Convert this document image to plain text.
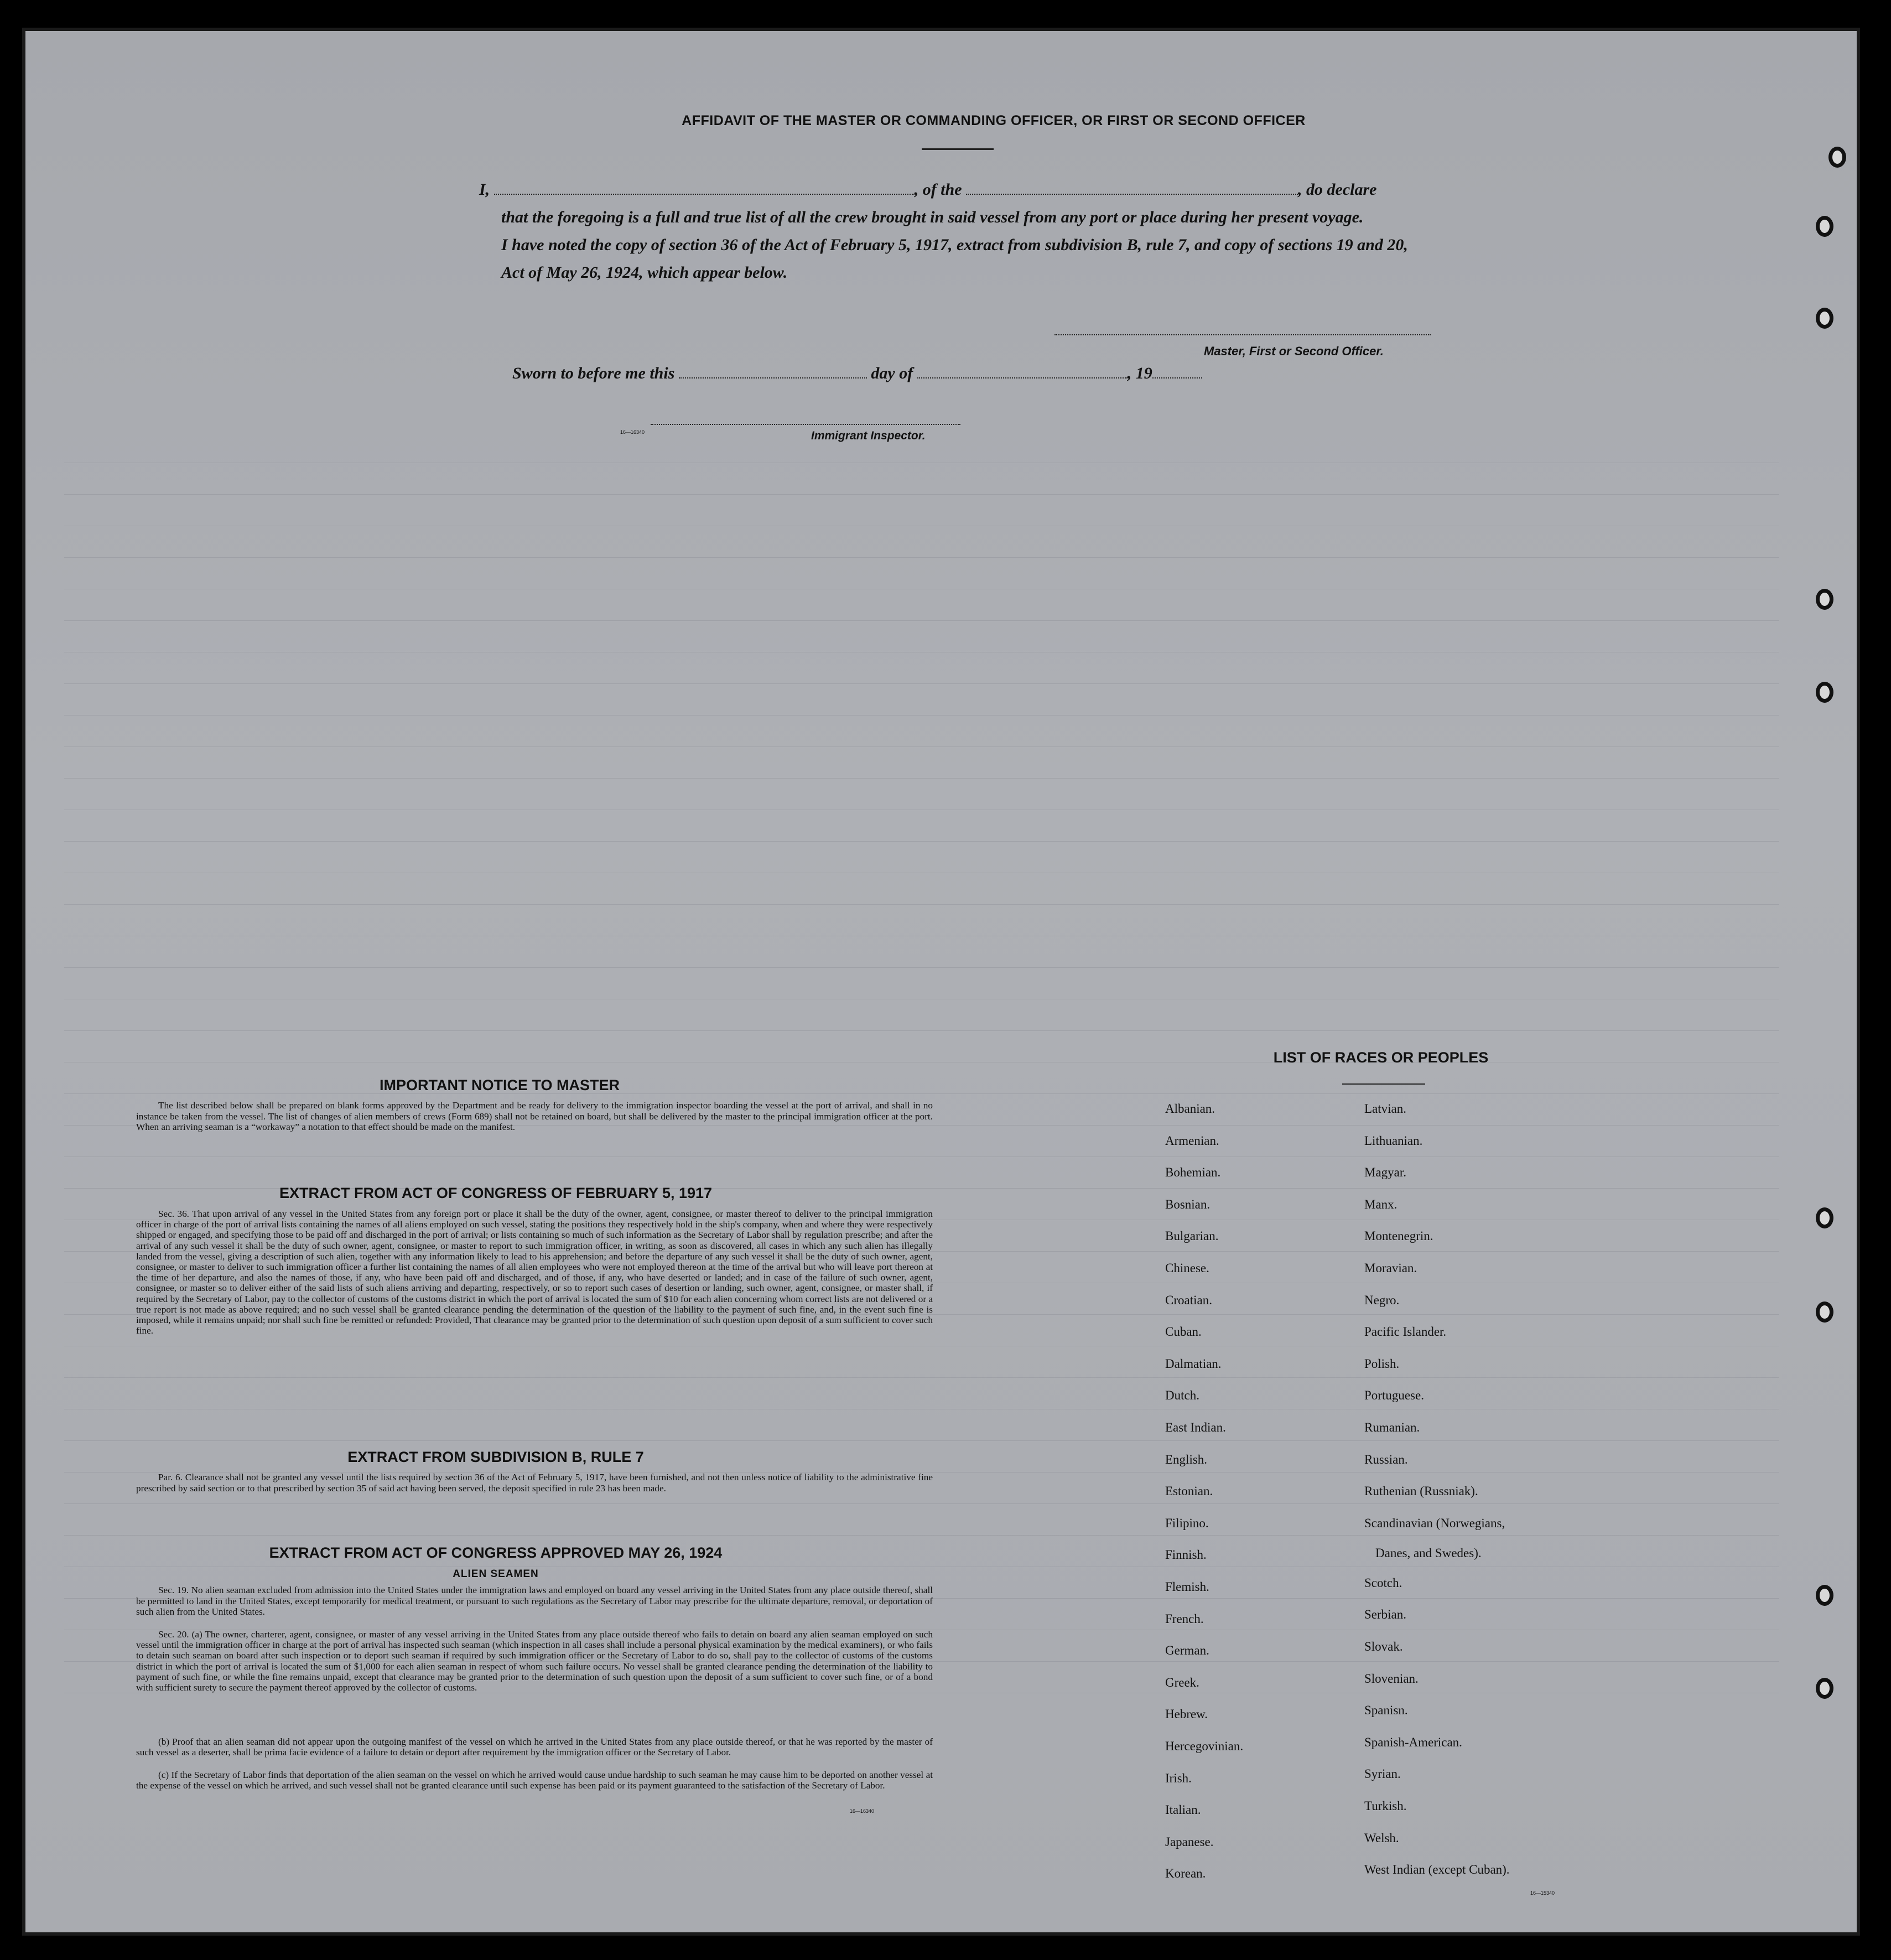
AFFIDAVIT OF THE MASTER OR COMMANDING OFFICER, OR FIRST OR SECOND OFFICER
I,	, of the	, do declare
that the foregoing is a full and true list of all the crew brought in said vessel from any port or place during her present voyage.
I have noted the copy of section 36 of the Act of February 5, 1917, extract from subdivision B, rule 7, and copy of sections 19 and 20,
Act of May 26, 1924, which appear below.
Master, First or Second Officer.
Sworn to before me this	day of	, 19
16—16340	Immigrant Inspector.
IMPORTANT NOTICE TO MASTER

The list described below shall be prepared on blank forms approved by the Department and be ready for delivery to the immigration inspector boarding the vessel at the port of arrival, and shall in no instance be taken from the vessel. The list of changes of alien members of crews (Form 689) shall not be retained on board, but shall be delivered by the master to the principal immigration officer at the port. When an arriving seaman is a “workaway” a notation to that effect should be made on the manifest.

EXTRACT FROM ACT OF CONGRESS OF FEBRUARY 5, 1917

Sec. 36. That upon arrival of any vessel in the United States from any foreign port or place it shall be the duty of the owner, agent, consignee, or master thereof to deliver to the principal immigration officer in charge of the port of arrival lists containing the names of all aliens employed on such vessel, stating the positions they respectively hold in the ship's company, when and where they were respectively shipped or engaged, and specifying those to be paid off and discharged in the port of arrival; or lists containing so much of such information as the Secretary of Labor shall by regulation prescribe; and after the arrival of any such vessel it shall be the duty of such owner, agent, consignee, or master to report to such immigration officer, in writing, as soon as discovered, all cases in which any such alien has illegally landed from the vessel, giving a description of such alien, together with any information likely to lead to his apprehension; and before the departure of any such vessel it shall be the duty of such owner, agent, consignee, or master to deliver to such immigration officer a further list containing the names of all alien employees who were not employed thereon at the time of the arrival but who will leave port thereon at the time of her departure, and also the names of those, if any, who have been paid off and discharged, and of those, if any, who have deserted or landed; and in case of the failure of such owner, agent, consignee, or master so to deliver either of the said lists of such aliens arriving and departing, respectively, or so to report such cases of desertion or landing, such owner, agent, consignee, or master shall, if required by the Secretary of Labor, pay to the collector of customs of the customs district in which the port of arrival is located the sum of $10 for each alien concerning whom correct lists are not delivered or a true report is not made as above required; and no such vessel shall be granted clearance pending the determination of the question of the liability to the payment of such fine, and, in the event such fine is imposed, while it remains unpaid; nor shall such fine be remitted or refunded: Provided, That clearance may be granted prior to the determination of such question upon deposit of a sum sufficient to cover such fine.

EXTRACT FROM SUBDIVISION B, RULE 7

Par. 6. Clearance shall not be granted any vessel until the lists required by section 36 of the Act of February 5, 1917, have been furnished, and not then unless notice of liability to the administrative fine prescribed by said section or to that prescribed by section 35 of said act having been served, the deposit specified in rule 23 has been made.

EXTRACT FROM ACT OF CONGRESS APPROVED MAY 26, 1924
ALIEN SEAMEN

Sec. 19. No alien seaman excluded from admission into the United States under the immigration laws and employed on board any vessel arriving in the United States from any place outside thereof, shall be permitted to land in the United States, except temporarily for medical treatment, or pursuant to such regulations as the Secretary of Labor may prescribe for the ultimate departure, removal, or deportation of such alien from the United States.

Sec. 20. (a) The owner, charterer, agent, consignee, or master of any vessel arriving in the United States from any place outside thereof who fails to detain on board any alien seaman employed on such vessel until the immigration officer in charge at the port of arrival has inspected such seaman (which inspection in all cases shall include a personal physical examination by the medical examiners), or who fails to detain such seaman on board after such inspection or to deport such seaman if required by such immigration officer or the Secretary of Labor to do so, shall pay to the collector of customs of the customs district in which the port of arrival is located the sum of $1,000 for each alien seaman in respect of whom such failure occurs. No vessel shall be granted clearance pending the determination of the liability to payment of such fine, or while the fine remains unpaid, except that clearance may be granted prior to the determination of such question upon the deposit of a sum sufficient to cover such fine, or of a bond with sufficient surety to secure the payment thereof approved by the collector of customs.

(b) Proof that an alien seaman did not appear upon the outgoing manifest of the vessel on which he arrived in the United States from any place outside thereof, or that he was reported by the master of such vessel as a deserter, shall be prima facie evidence of a failure to detain or deport after requirement by the immigration officer or the Secretary of Labor.

(c) If the Secretary of Labor finds that deportation of the alien seaman on the vessel on which he arrived would cause undue hardship to such seaman he may cause him to be deported on another vessel at the expense of the vessel on which he arrived, and such vessel shall not be granted clearance until such expense has been paid or its payment guaranteed to the satisfaction of the Secretary of Labor.

16—16340
LIST OF RACES OR PEOPLES
Albanian.
Armenian.
Bohemian.
Bosnian.
Bulgarian.
Chinese.
Croatian.
Cuban.
Dalmatian.
Dutch.
East Indian.
English.
Estonian.
Filipino.
Finnish.
Flemish.
French.
German.
Greek.
Hebrew.
Hercegovinian.
Irish.
Italian.
Japanese.
Korean.
Latvian.
Lithuanian.
Magyar.
Manx.
Montenegrin.
Moravian.
Negro.
Pacific Islander.
Polish.
Portuguese.
Rumanian.
Russian.
Ruthenian (Russniak).
Scandinavian (Norwegians,
Scotch.
Serbian.
Slovak.
Slovenian.
Spanisn.
Spanish-American.
Syrian.
Turkish.
Welsh.
West Indian (except Cuban).
Danes, and Swedes).
16—15340
